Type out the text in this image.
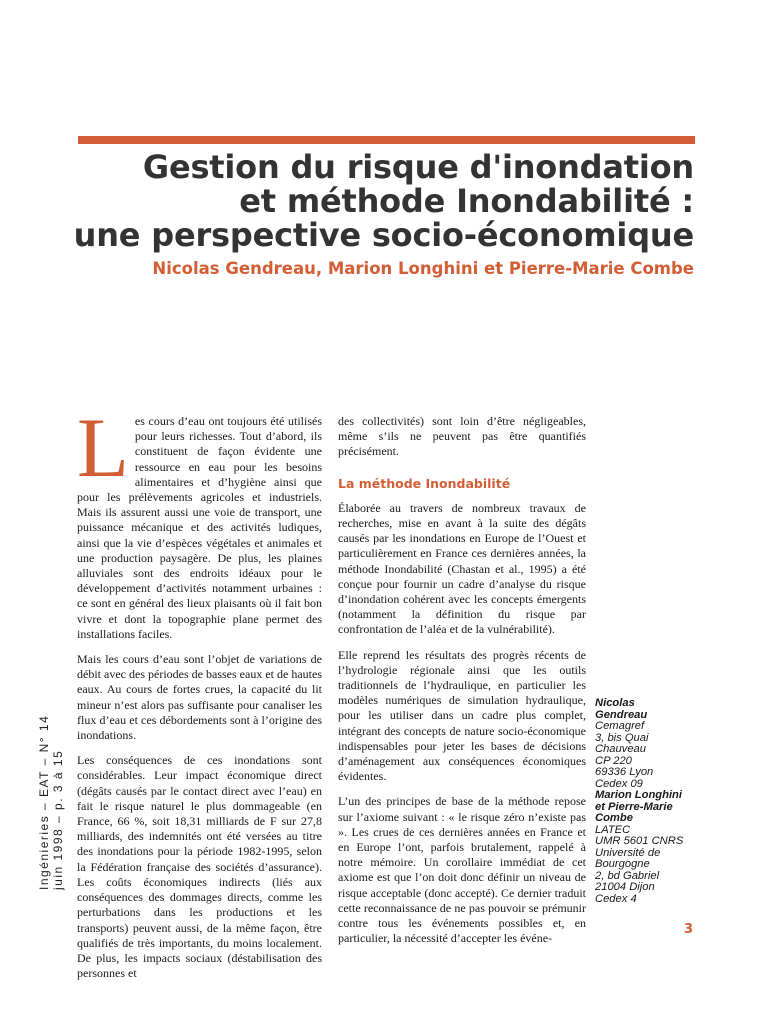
Gestion du risque d'inondation
et méthode Inondabilité :
une perspective socio-économique
Nicolas Gendreau, Marion Longhini et Pierre-Marie Combe

Les cours d’eau ont toujours été utilisés pour leurs richesses. Tout d’abord, ils constituent de façon évidente une ressource en eau pour les besoins alimentaires et d’hygiène ainsi que pour les prélèvements agricoles et industriels. Mais ils assurent aussi une voie de transport, une puissance mécanique et des activités ludiques, ainsi que la vie d’espèces végétales et animales et une production paysagère. De plus, les plaines alluviales sont des endroits idéaux pour le développement d’activités notamment urbaines : ce sont en général des lieux plaisants où il fait bon vivre et dont la topographie plane permet des installations faciles.

Mais les cours d’eau sont l’objet de variations de débit avec des périodes de basses eaux et de hautes eaux. Au cours de fortes crues, la capacité du lit mineur n’est alors pas suffisante pour canaliser les flux d’eau et ces débordements sont à l’origine des inondations.

Les conséquences de ces inondations sont considérables. Leur impact économique direct (dégâts causés par le contact direct avec l’eau) en fait le risque naturel le plus dommageable (en France, 66 %, soit 18,31 milliards de F sur 27,8 milliards, des indemnités ont été versées au titre des inondations pour la période 1982-1995, selon la Fédération française des sociétés d’assurance). Les coûts économiques indirects (liés aux conséquences des dommages directs, comme les perturbations dans les productions et les transports) peuvent aussi, de la même façon, être qualifiés de très importants, du moins localement. De plus, les impacts sociaux (déstabilisation des personnes et

des collectivités) sont loin d’être négligeables, même s’ils ne peuvent pas être quantifiés précisément.

La méthode Inondabilité

Élaborée au travers de nombreux travaux de recherches, mise en avant à la suite des dégâts causés par les inondations en Europe de l’Ouest et particulièrement en France ces dernières années, la méthode Inondabilité (Chastan et al., 1995) a été conçue pour fournir un cadre d’analyse du risque d’inondation cohérent avec les concepts émergents (notamment la définition du risque par confrontation de l’aléa et de la vulnérabilité).

Elle reprend les résultats des progrès récents de l’hydrologie régionale ainsi que les outils traditionnels de l’hydraulique, en particulier les modèles numériques de simulation hydraulique, pour les utiliser dans un cadre plus complet, intégrant des concepts de nature socio-économique indispensables pour jeter les bases de décisions d’aménagement aux conséquences économiques évidentes.

L’un des principes de base de la méthode repose sur l’axiome suivant : « le risque zéro n’existe pas ». Les crues de ces dernières années en France et en Europe l’ont, parfois brutalement, rappelé à notre mémoire. Un corollaire immédiat de cet axiome est que l’on doit donc définir un niveau de risque acceptable (donc accepté). Ce dernier traduit cette reconnaissance de ne pas pouvoir se prémunir contre tous les événements possibles et, en particulier, la nécessité d’accepter les événe-

Nicolas
Gendreau
Cemagref
3, bis Quai
Chauveau
CP 220
69336 Lyon
Cedex 09
Marion Longhini
et Pierre-Marie
Combe
LATEC
UMR 5601 CNRS
Université de
Bourgogne
2, bd Gabriel
21004 Dijon
Cedex 4
Ingénieries – EAT – N° 14 juin 1998 – p. 3 à 15
3
